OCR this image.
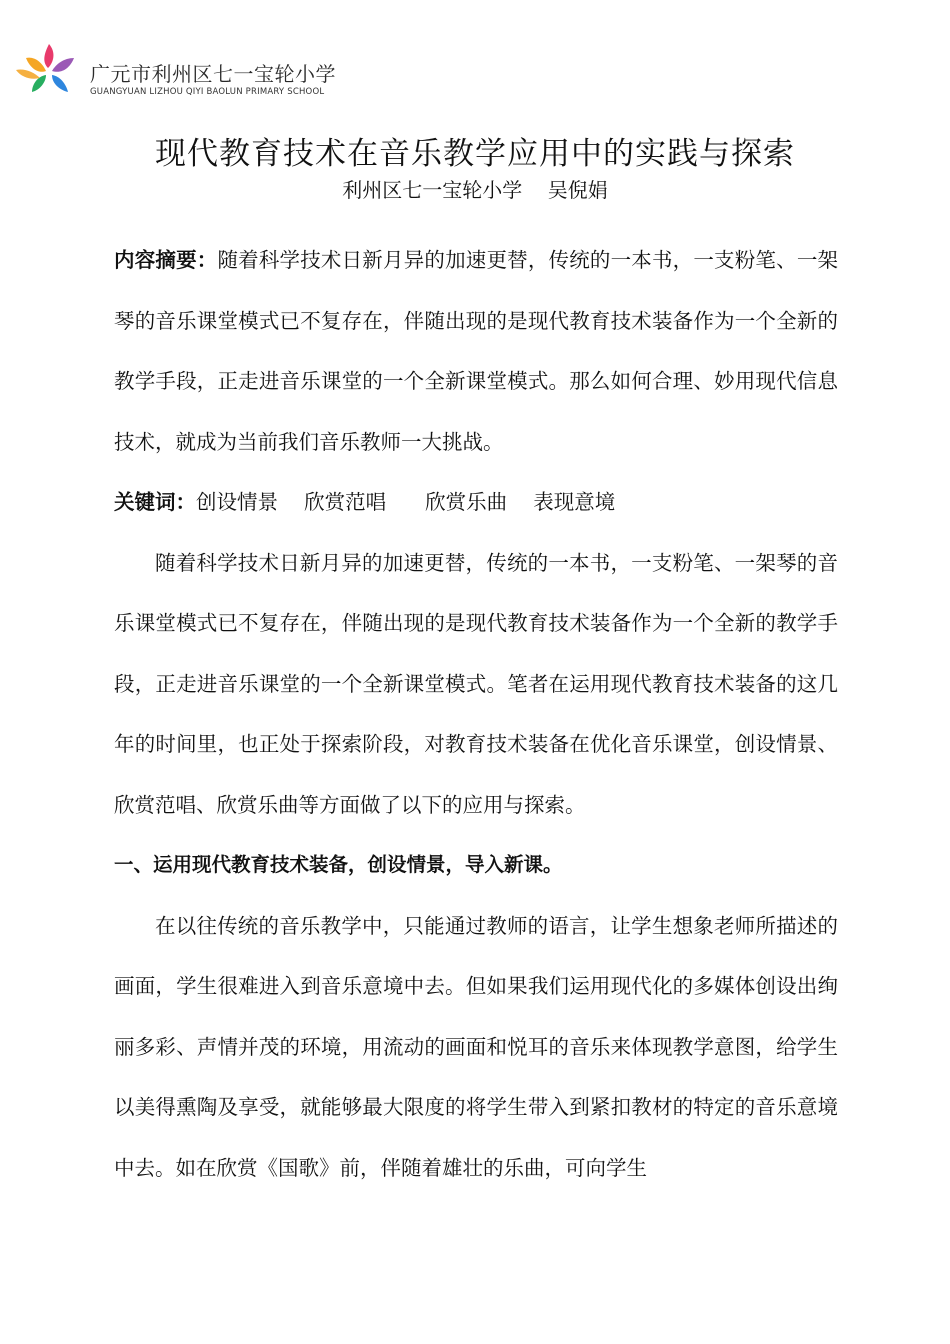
广元市利州区七一宝轮小学
GUANGYUAN LIZHOU QIYI BAOLUN PRIMARY SCHOOL
现代教育技术在音乐教学应用中的实践与探索
利州区七一宝轮小学    吴倪娟

内容摘要：随着科学技术日新月异的加速更替，传统的一本书，一支粉笔、一架琴的音乐课堂模式已不复存在，伴随出现的是现代教育技术装备作为一个全新的教学手段，正走进音乐课堂的一个全新课堂模式。那么如何合理、妙用现代信息技术，就成为当前我们音乐教师一大挑战。

关键词：创设情景    欣赏范唱      欣赏乐曲    表现意境

随着科学技术日新月异的加速更替，传统的一本书，一支粉笔、一架琴的音乐课堂模式已不复存在，伴随出现的是现代教育技术装备作为一个全新的教学手段，正走进音乐课堂的一个全新课堂模式。笔者在运用现代教育技术装备的这几年的时间里，也正处于探索阶段，对教育技术装备在优化音乐课堂，创设情景、欣赏范唱、欣赏乐曲等方面做了以下的应用与探索。

一、运用现代教育技术装备，创设情景，导入新课。

在以往传统的音乐教学中，只能通过教师的语言，让学生想象老师所描述的画面，学生很难进入到音乐意境中去。但如果我们运用现代化的多媒体创设出绚丽多彩、声情并茂的环境，用流动的画面和悦耳的音乐来体现教学意图，给学生以美得熏陶及享受，就能够最大限度的将学生带入到紧扣教材的特定的音乐意境中去。如在欣赏《国歌》前，伴随着雄壮的乐曲，可向学生
